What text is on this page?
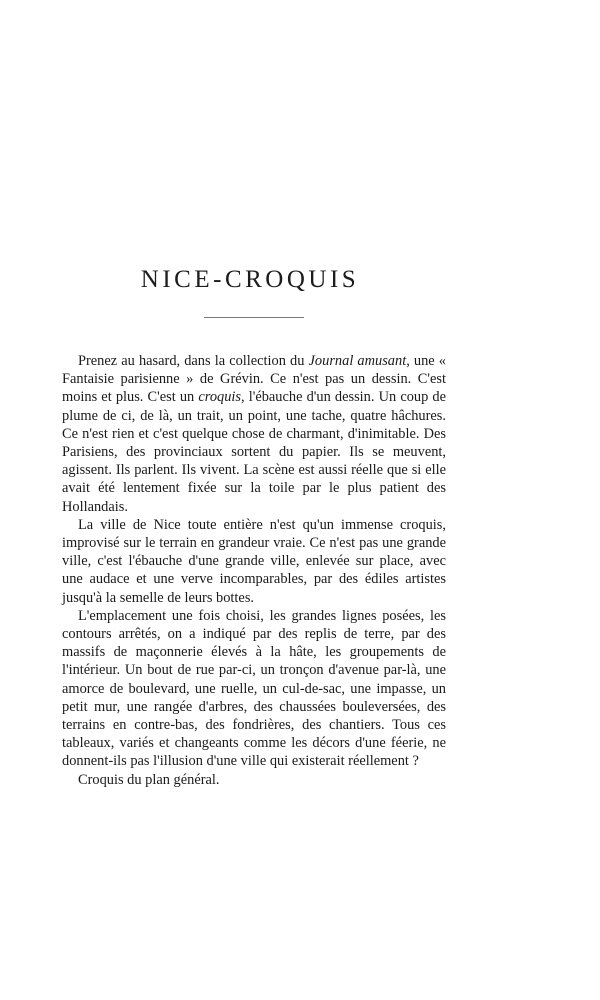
NICE-CROQUIS

Prenez au hasard, dans la collection du Journal amusant, une « Fantaisie parisienne » de Grévin. Ce n'est pas un dessin. C'est moins et plus. C'est un croquis, l'ébauche d'un dessin. Un coup de plume de ci, de là, un trait, un point, une tache, quatre hâchures. Ce n'est rien et c'est quelque chose de charmant, d'inimitable. Des Parisiens, des provinciaux sortent du papier. Ils se meuvent, agissent. Ils parlent. Ils vivent. La scène est aussi réelle que si elle avait été lentement fixée sur la toile par le plus patient des Hollandais.

La ville de Nice toute entière n'est qu'un immense croquis, improvisé sur le terrain en grandeur vraie. Ce n'est pas une grande ville, c'est l'ébauche d'une grande ville, enlevée sur place, avec une audace et une verve incomparables, par des édiles artistes jusqu'à la semelle de leurs bottes.

L'emplacement une fois choisi, les grandes lignes posées, les contours arrêtés, on a indiqué par des replis de terre, par des massifs de maçonnerie élevés à la hâte, les groupements de l'intérieur. Un bout de rue par-ci, un tronçon d'avenue par-là, une amorce de boulevard, une ruelle, un cul-de-sac, une impasse, un petit mur, une rangée d'arbres, des chaussées bouleversées, des terrains en contre-bas, des fondrières, des chantiers. Tous ces tableaux, variés et changeants comme les décors d'une féerie, ne donnent-ils pas l'illusion d'une ville qui existerait réellement ?

Croquis du plan général.
